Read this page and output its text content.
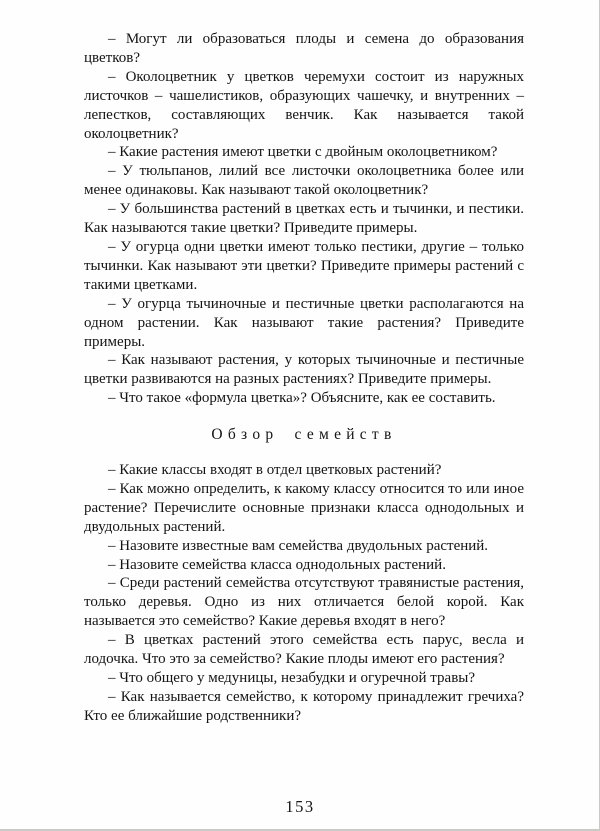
– Могут ли образоваться плоды и семена до образования цветков?

– Околоцветник у цветков черемухи состоит из наружных листочков – чашелистиков, образующих чашечку, и внутренних – лепестков, составляющих венчик. Как называется такой околоцветник?

– Какие растения имеют цветки с двойным околоцветником?

– У тюльпанов, лилий все листочки околоцветника более или менее одинаковы. Как называют такой околоцветник?

– У большинства растений в цветках есть и тычинки, и пестики. Как называются такие цветки? Приведите примеры.

– У огурца одни цветки имеют только пестики, другие – только тычинки. Как называют эти цветки? Приведите примеры растений с такими цветками.

– У огурца тычиночные и пестичные цветки располагаются на одном растении. Как называют такие растения? Приведите примеры.

– Как называют растения, у которых тычиночные и пестичные цветки развиваются на разных растениях? Приведите примеры.

– Что такое «формула цветка»? Объясните, как ее составить.

Обзор семейств

– Какие классы входят в отдел цветковых растений?

– Как можно определить, к какому классу относится то или иное растение? Перечислите основные признаки класса однодольных и двудольных растений.

– Назовите известные вам семейства двудольных растений.

– Назовите семейства класса однодольных растений.

– Среди растений семейства отсутствуют травянистые растения, только деревья. Одно из них отличается белой корой. Как называется это семейство? Какие деревья входят в него?

– В цветках растений этого семейства есть парус, весла и лодочка. Что это за семейство? Какие плоды имеют его растения?

– Что общего у медуницы, незабудки и огуречной травы?

– Как называется семейство, к которому принадлежит гречиха? Кто ее ближайшие родственники?

153
